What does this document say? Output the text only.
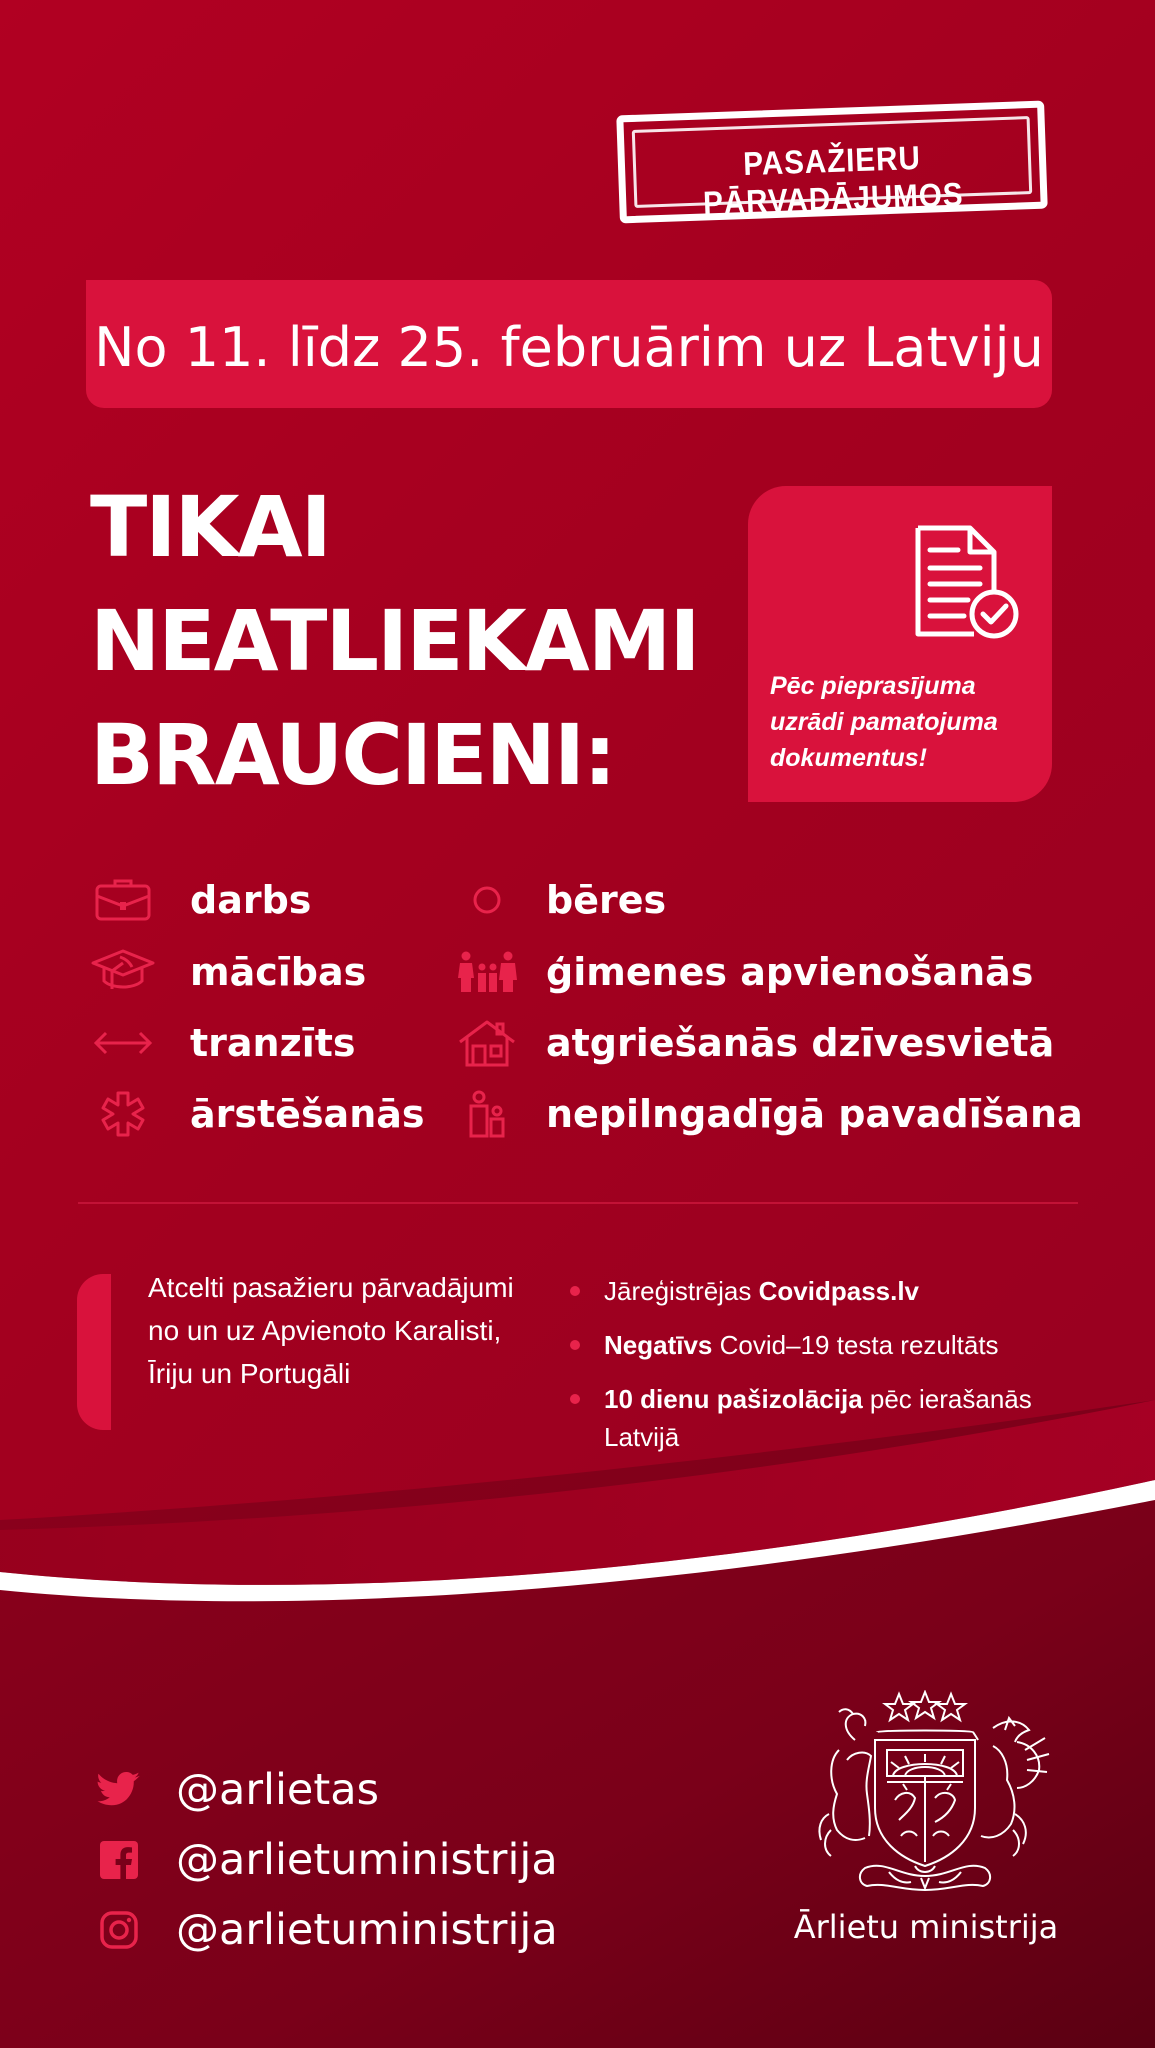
PASAŽIERU PĀRVADĀJUMOS
No 11. līdz 25. februārim uz Latviju
TIKAI
NEATLIEKAMI
BRAUCIENI:
Pēc pieprasījuma uzrādi pamatojuma dokumentus!
darbs
mācības
tranzīts
ārstēšanās
bēres
ģimenes apvienošanās
atgriešanās dzīvesvietā
nepilngadīgā pavadīšana
Atcelti pasažieru pārvadājumi no un uz Apvienoto Karalisti, Īriju un Portugāli
Jāreģistrējas Covidpass.lv
Negatīvs Covid–19 testa rezultāts
10 dienu pašizolācija pēc ierašanās Latvijā
@arlietas
@arlietuministrija
@arlietuministrija	Ārlietu ministrija
